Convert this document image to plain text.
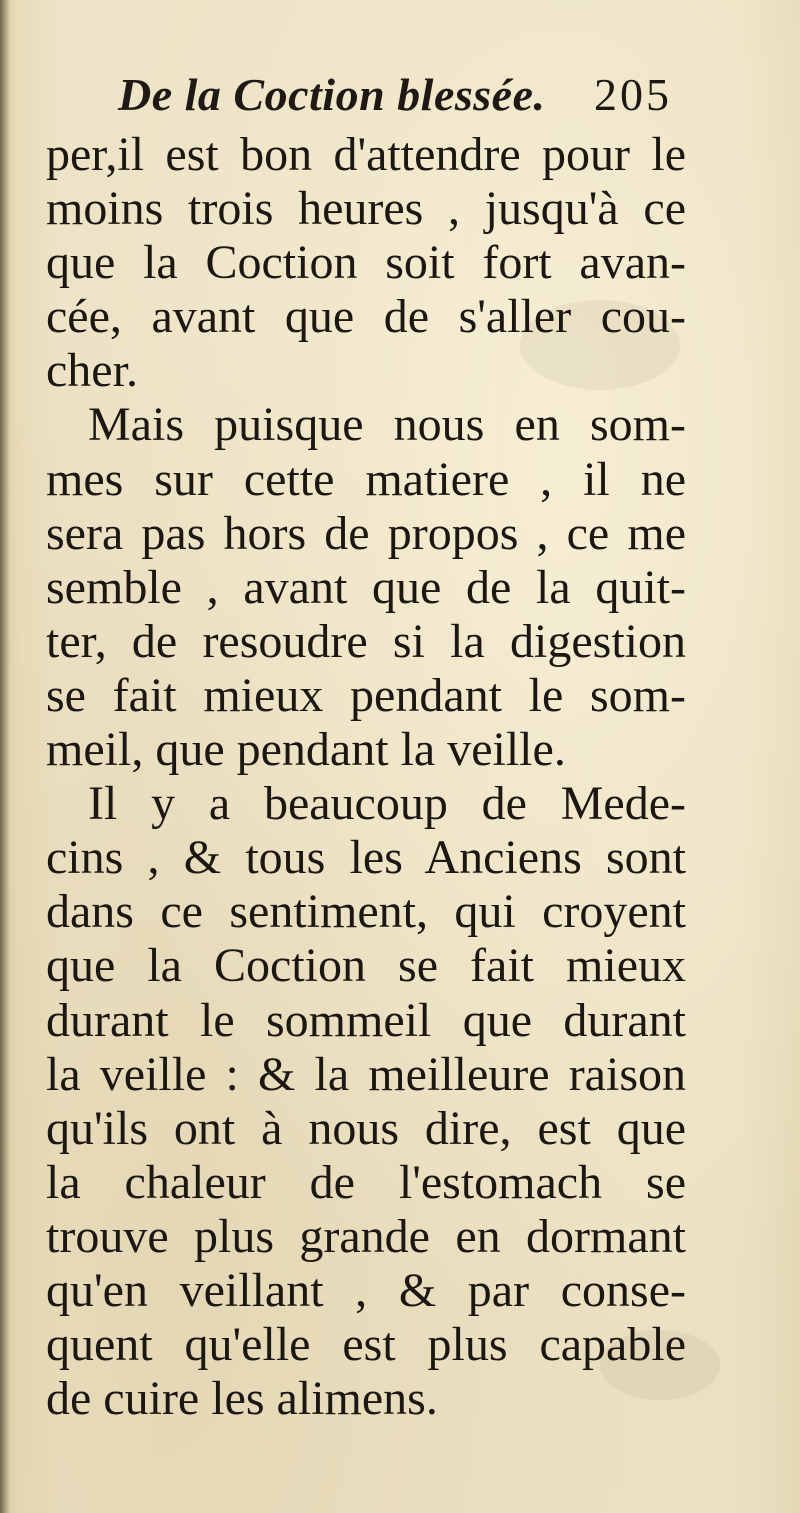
De la Coction blessée. 205
per,il est bon d'attendre pour le
moins trois heures , jusqu'à ce
que la Coction soit fort avan-
cée, avant que de s'aller cou-
cher.
Mais puisque nous en som-
mes sur cette matiere , il ne
sera pas hors de propos , ce me
semble , avant que de la quit-
ter, de resoudre si la digestion
se fait mieux pendant le som-
meil, que pendant la veille.
Il y a beaucoup de Mede-
cins , & tous les Anciens sont
dans ce sentiment, qui croyent
que la Coction se fait mieux
durant le sommeil que durant
la veille : & la meilleure raison
qu'ils ont à nous dire, est que
la chaleur de l'estomach se
trouve plus grande en dormant
qu'en veillant , & par conse-
quent qu'elle est plus capable
de cuire les alimens.
